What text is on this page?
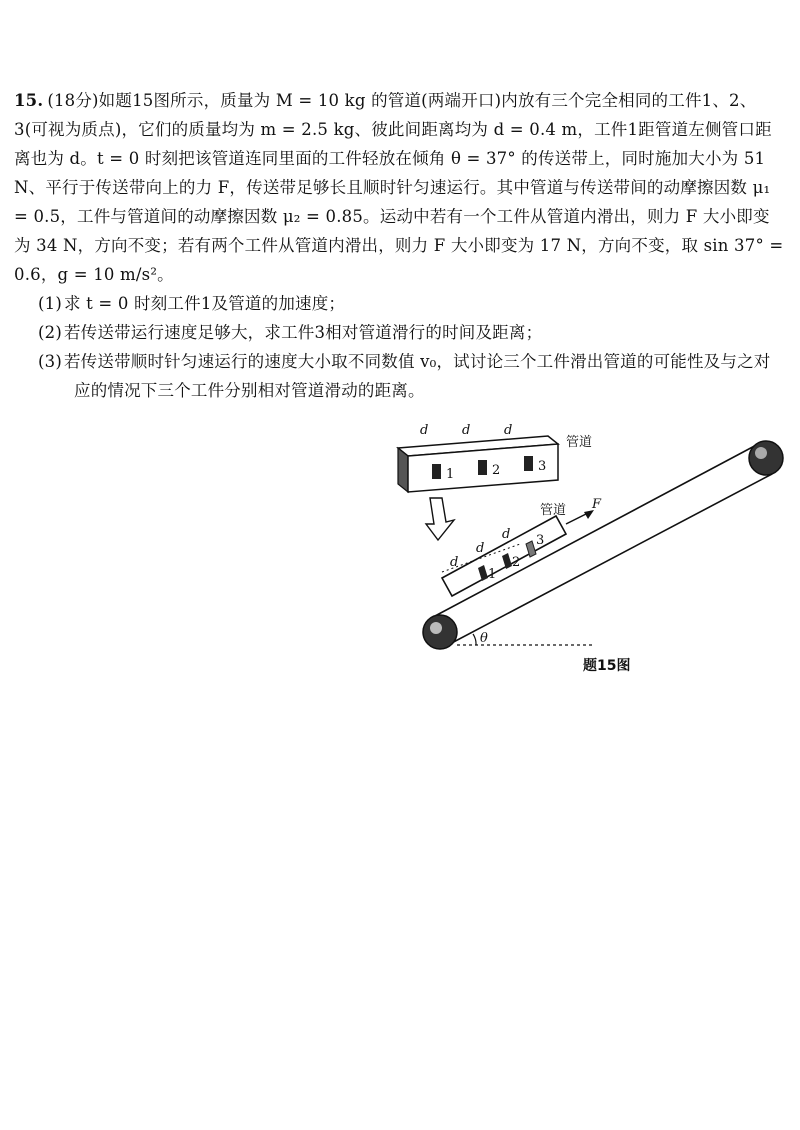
15. (18分)如题15图所示，质量为 M = 10 kg 的管道(两端开口)内放有三个完全相同的工件1、2、3(可视为质点)，它们的质量均为 m = 2.5 kg、彼此间距离均为 d = 0.4 m，工件1距管道左侧管口距离也为 d。t = 0 时刻把该管道连同里面的工件轻放在倾角 θ = 37° 的传送带上，同时施加大小为 51 N、平行于传送带向上的力 F，传送带足够长且顺时针匀速运行。其中管道与传送带间的动摩擦因数 μ₁ = 0.5，工件与管道间的动摩擦因数 μ₂ = 0.85。运动中若有一个工件从管道内滑出，则力 F 大小即变为 34 N，方向不变；若有两个工件从管道内滑出，则力 F 大小即变为 17 N，方向不变，取 sin 37° = 0.6，g = 10 m/s²。

(1) 求 t = 0 时刻工件1及管道的加速度；

(2) 若传送带运行速度足够大，求工件3相对管道滑行的时间及距离；

(3) 若传送带顺时针匀速运行的速度大小取不同数值 v₀，试讨论三个工件滑出管道的可能性及与之对应的情况下三个工件分别相对管道滑动的距离。

1	2	3
d	d	d
管道
θ
1
2
3
d
d
d
管道 F
题15图
